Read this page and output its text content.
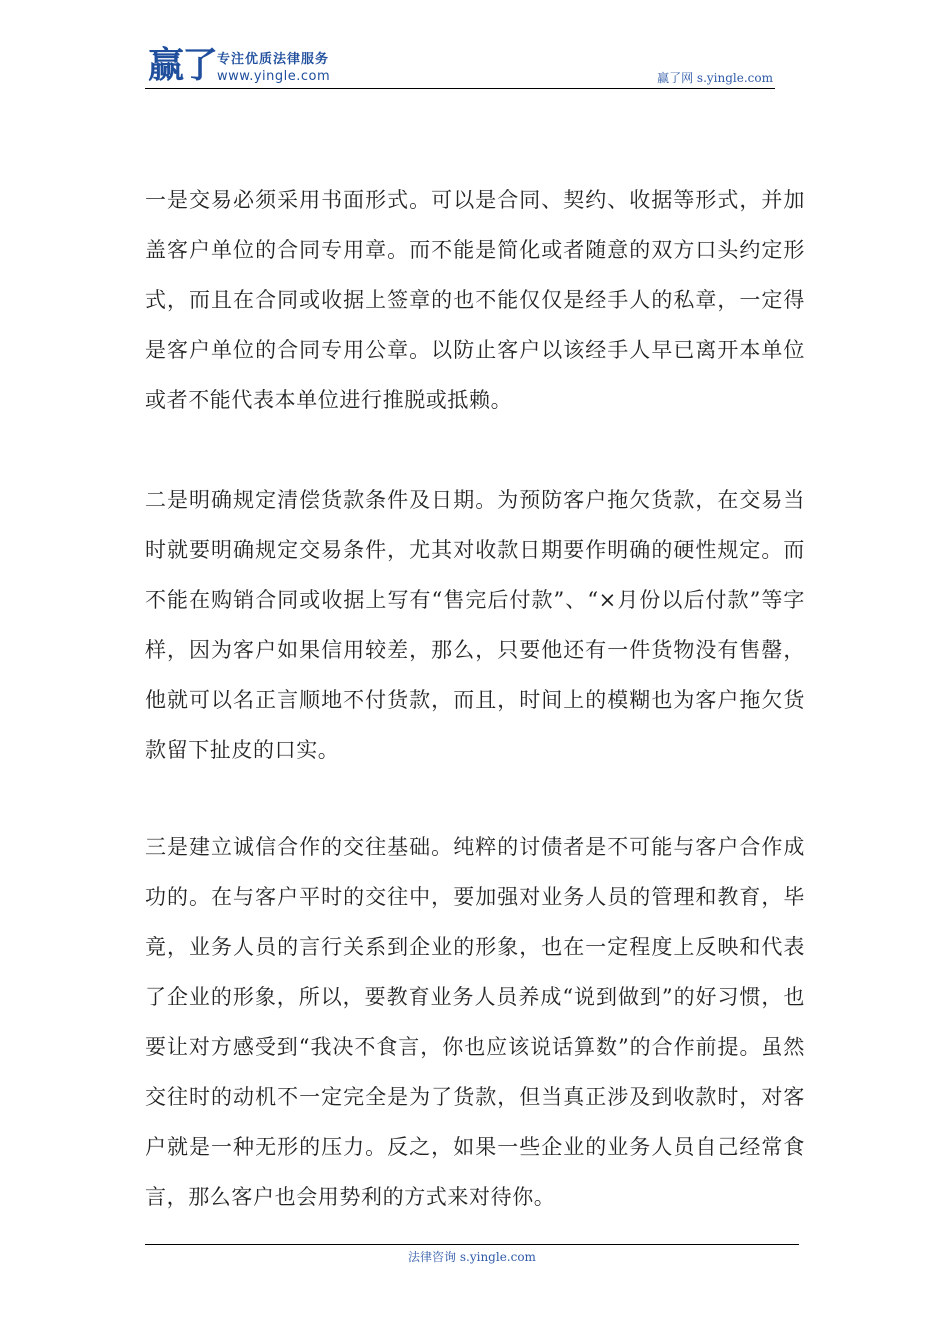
赢了 专注优质法律服务
www.yingle.com	赢了网 s.yingle.com
一是交易必须采用书面形式。可以是合同、契约、收据等形式，并加盖客户单位的合同专用章。而不能是简化或者随意的双方口头约定形式，而且在合同或收据上签章的也不能仅仅是经手人的私章，一定得是客户单位的合同专用公章。以防止客户以该经手人早已离开本单位或者不能代表本单位进行推脱或抵赖。
二是明确规定清偿货款条件及日期。为预防客户拖欠货款，在交易当时就要明确规定交易条件，尤其对收款日期要作明确的硬性规定。而不能在购销合同或收据上写有“售完后付款”、“×月份以后付款”等字样，因为客户如果信用较差，那么，只要他还有一件货物没有售罄，他就可以名正言顺地不付货款，而且，时间上的模糊也为客户拖欠货款留下扯皮的口实。
三是建立诚信合作的交往基础。纯粹的讨债者是不可能与客户合作成功的。在与客户平时的交往中，要加强对业务人员的管理和教育，毕竟，业务人员的言行关系到企业的形象，也在一定程度上反映和代表了企业的形象，所以，要教育业务人员养成“说到做到”的好习惯，也要让对方感受到“我决不食言，你也应该说话算数”的合作前提。虽然交往时的动机不一定完全是为了货款，但当真正涉及到收款时，对客户就是一种无形的压力。反之，如果一些企业的业务人员自己经常食言，那么客户也会用势利的方式来对待你。
法律咨询 s.yingle.com
